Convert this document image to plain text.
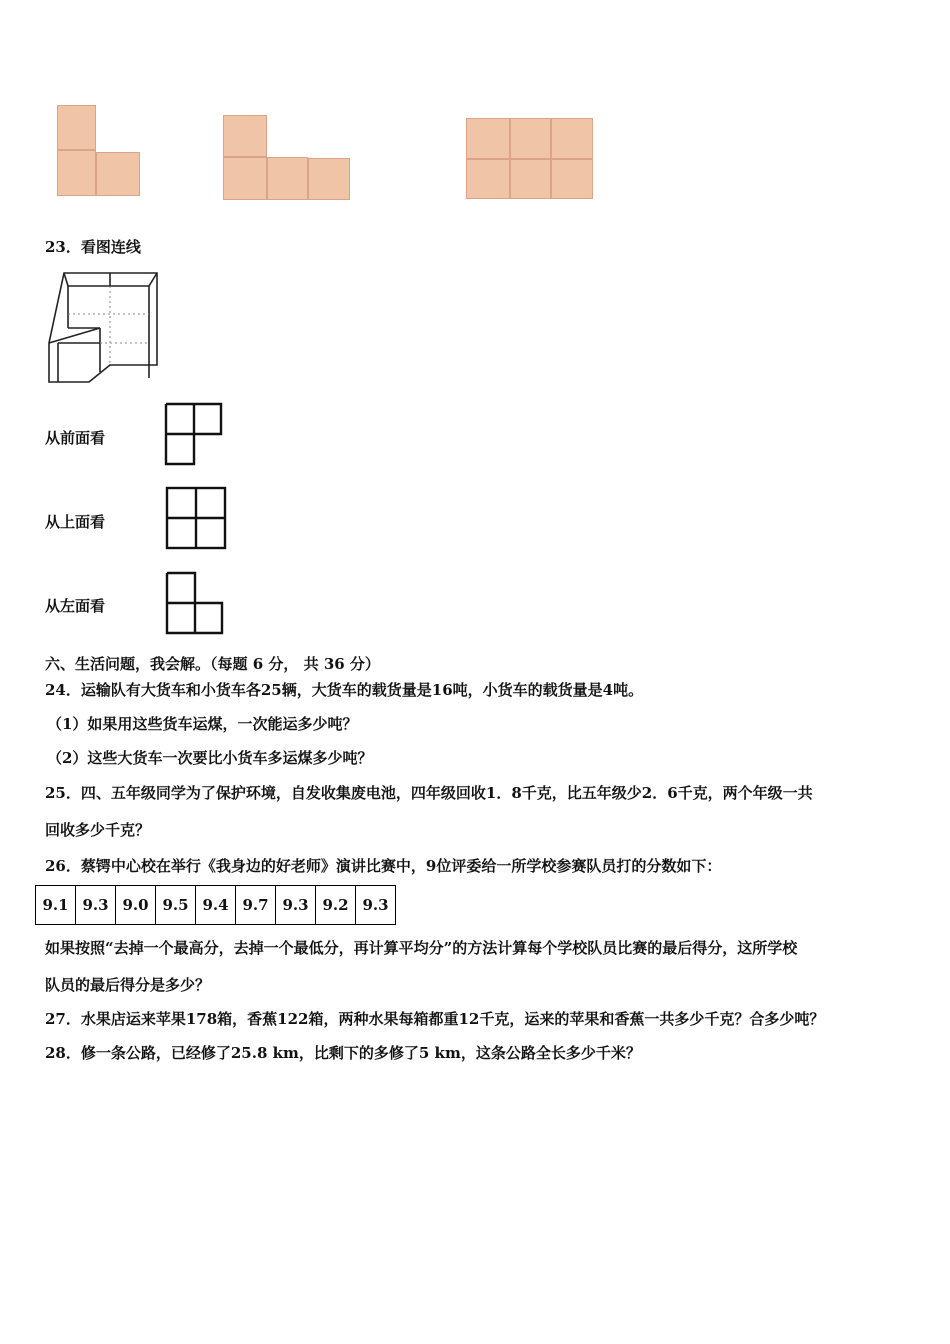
23．看图连线
从前面看
从上面看
从左面看
六、生活问题，我会解。（每题 6 分， 共 36 分）
24．运输队有大货车和小货车各25辆，大货车的载货量是16吨，小货车的载货量是4吨。
（1）如果用这些货车运煤，一次能运多少吨？
（2）这些大货车一次要比小货车多运煤多少吨？
25．四、五年级同学为了保护环境，自发收集废电池，四年级回收1．8千克，比五年级少2．6千克，两个年级一共
回收多少千克？
26．蔡锷中心校在举行《我身边的好老师》演讲比赛中，9位评委给一所学校参赛队员打的分数如下：
9.1	9.3	9.0	9.5	9.4	9.7	9.3	9.2	9.3
如果按照“去掉一个最高分，去掉一个最低分，再计算平均分”的方法计算每个学校队员比赛的最后得分，这所学校
队员的最后得分是多少？
27．水果店运来苹果178箱，香蕉122箱，两种水果每箱都重12千克，运来的苹果和香蕉一共多少千克？合多少吨？
28．修一条公路，已经修了25.8 km，比剩下的多修了5 km，这条公路全长多少千米？
